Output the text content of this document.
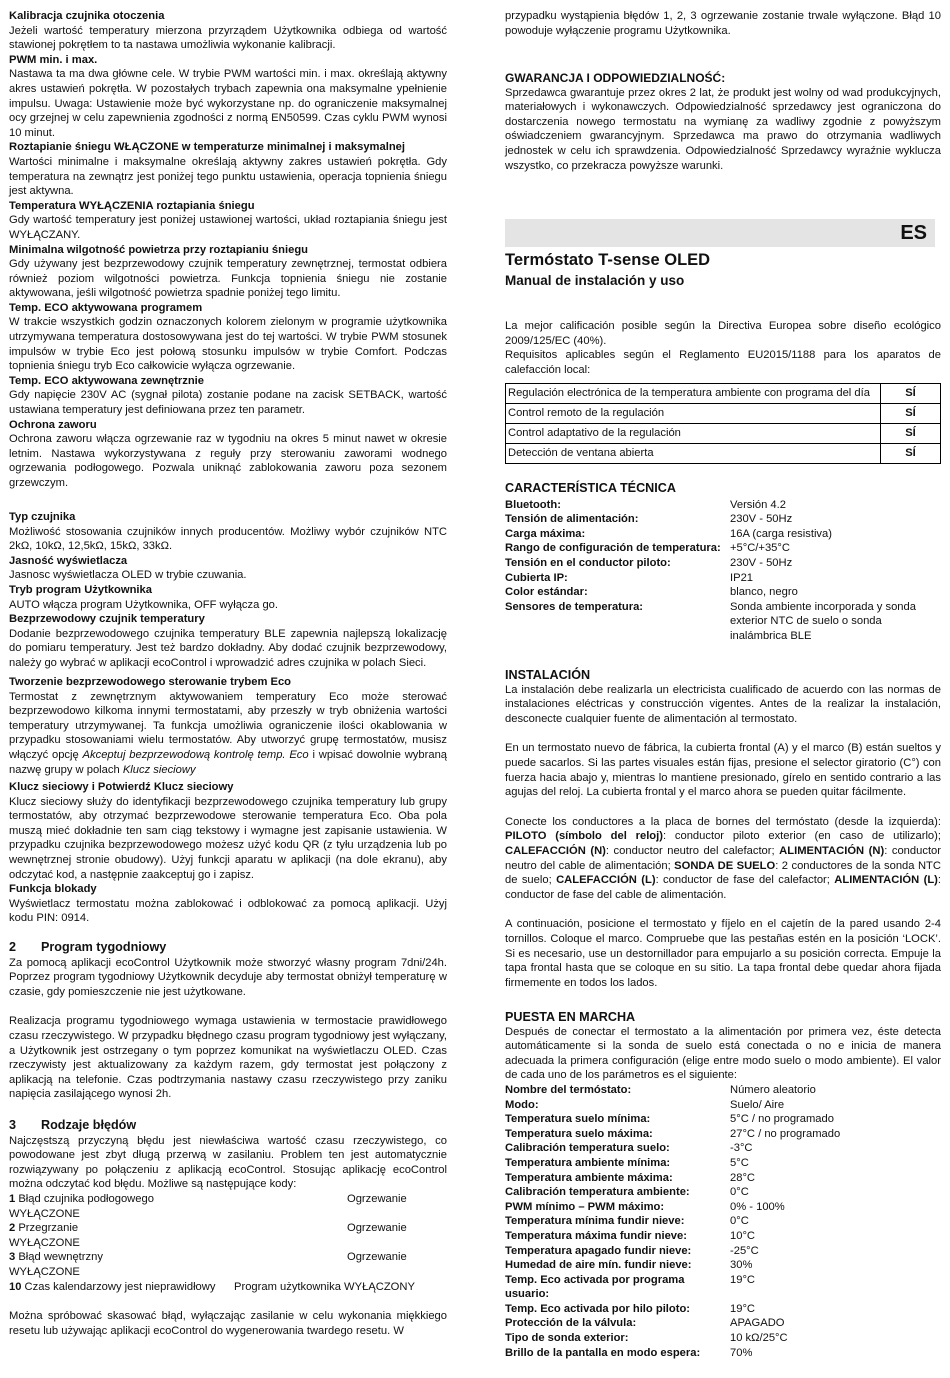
Kalibracja czujnika otoczenia

Jeżeli wartość temperatury mierzona przyrządem Użytkownika odbiega od wartość stawionej pokrętłem to ta nastawa umożliwia wykonanie kalibracji.

PWM min. i max.

Nastawa ta ma dwa główne cele. W trybie PWM wartości min. i max. określają aktywny akres ustawień pokrętła. W pozostałych trybach zapewnia ona maksymalne ypełnienie impulsu. Uwaga: Ustawienie może być wykorzystane np. do ograniczenie maksymalnej ocy grzejnej w celu zapewnienia zgodności z normą EN50599. Czas cyklu PWM wynosi 10 minut.

Roztapianie śniegu WŁĄCZONE w temperaturze minimalnej i maksymalnej

Wartości minimalne i maksymalne określają aktywny zakres ustawień pokrętła. Gdy temperatura na zewnątrz jest poniżej tego punktu ustawienia, operacja topnienia śniegu jest aktywna.

Temperatura WYŁĄCZENIA roztapiania śniegu

Gdy wartość temperatury jest poniżej ustawionej wartości, układ roztapiania śniegu jest WYŁĄCZANY.

Minimalna wilgotność powietrza przy roztapianiu śniegu

Gdy używany jest bezprzewodowy czujnik temperatury zewnętrznej, termostat odbiera również poziom wilgotności powietrza. Funkcja topnienia śniegu nie zostanie aktywowana, jeśli wilgotność powietrza spadnie poniżej tego limitu.

Temp. ECO aktywowana programem

W trakcie wszystkich godzin oznaczonych kolorem zielonym w programie użytkownika utrzymywana temperatura dostosowywana jest do tej wartości. W trybie PWM stosunek impulsów w trybie Eco jest połową stosunku impulsów w trybie Comfort. Podczas topnienia śniegu tryb Eco całkowicie wyłącza ogrzewanie.

Temp. ECO aktywowana zewnętrznie

Gdy napięcie 230V AC (sygnał pilota) zostanie podane na zacisk SETBACK, wartość ustawiana temperatury jest definiowana przez ten parametr.

Ochrona zaworu

Ochrona zaworu włącza ogrzewanie raz w tygodniu na okres 5 minut nawet w okresie letnim. Nastawa wykorzystywana z reguły przy sterowaniu zaworami wodnego ogrzewania podłogowego. Pozwala uniknąć zablokowania zaworu poza sezonem grzewczym.

Typ czujnika

Możliwość stosowania czujników innych producentów. Możliwy wybór czujników NTC 2kΩ, 10kΩ, 12,5kΩ, 15kΩ, 33kΩ.

Jasność wyświetlacza

Jasnosc wyświetlacza OLED w trybie czuwania.

Tryb program Użytkownika

AUTO włącza program Użytkownika, OFF wyłącza go.

Bezprzewodowy czujnik temperatury

Dodanie bezprzewodowego czujnika temperatury BLE zapewnia najlepszą lokalizację do pomiaru temperatury. Jest też bardzo dokładny. Aby dodać czujnik bezprzewodowy, należy go wybrać w aplikacji ecoControl i wprowadzić adres czujnika w polach Sieci.

Tworzenie bezprzewodowego sterowanie trybem Eco

Termostat z zewnętrznym aktywowaniem temperatury Eco może sterować bezprzewodowo kilkoma innymi termostatami, aby przeszły w tryb obniżenia wartości temperatury utrzymywanej. Ta funkcja umożliwia ograniczenie ilości okablowania w przypadku stosowaniami wielu termostatów. Aby utworzyć grupę termostatów, musisz włączyć opcję Akceptuj bezprzewodową kontrolę temp. Eco i wpisać dowolnie wybraną nazwę grupy w polach Klucz sieciowy

Klucz sieciowy i Potwierdź Klucz sieciowy

Klucz sieciowy służy do identyfikacji bezprzewodowego czujnika temperatury lub grupy termostatów, aby otrzymać bezprzewodowe sterowanie temperatura Eco. Oba pola muszą mieć dokładnie ten sam ciąg tekstowy i wymagne jest zapisanie ustawienia. W przypadku czujnika bezprzewodowego możesz użyć kodu QR (z tyłu urządzenia lub po wewnętrznej stronie obudowy). Użyj funkcji aparatu w aplikacji (na dole ekranu), aby odczytać kod, a następnie zaakceptuj go i zapisz.

Funkcja blokady

Wyświetlacz termostatu można zablokować i odblokować za pomocą aplikacji. Użyj kodu PIN: 0914.

2 Program tygodniowy

Za pomocą aplikacji ecoControl Użytkownik może stworzyć własny program 7dni/24h. Poprzez program tygodniowy Użytkownik decyduje aby termostat obniżył temperaturę w czasie, gdy pomieszczenie nie jest użytkowane.

Realizacja programu tygodniowego wymaga ustawienia w termostacie prawidłowego czasu rzeczywistego. W przypadku błędnego czasu program tygodniowy jest wyłączany, a Użytkownik jest ostrzegany o tym poprzez komunikat na wyświetlaczu OLED. Czas rzeczywisty jest aktualizowany za każdym razem, gdy termostat jest połączony z aplikacją na telefonie. Czas podtrzymania nastawy czasu rzeczywistego przy zaniku napięcia zasilającego wynosi 2h.

3 Rodzaje błędów

Najczęstszą przyczyną błędu jest niewłaściwa wartość czasu rzeczywistego, co powodowane jest zbyt długą przerwą w zasilaniu. Problem ten jest automatycznie rozwiązywany po połączeniu z aplikacją ecoControl. Stosując aplikację ecoControl można odczytać kod błędu. Możliwe są następujące kody:

1 Błąd czujnika podłogowego	Ogrzewanie
WYŁĄCZONE
2 Przegrzanie	Ogrzewanie
WYŁĄCZONE
3 Błąd wewnętrzny	Ogrzewanie
WYŁĄCZONE
10 Czas kalendarzowy jest nieprawidłowy	Program użytkownika WYŁĄCZONY

Można spróbować skasować błąd, wyłączając zasilanie w celu wykonania miękkiego resetu lub używając aplikacji ecoControl do wygenerowania twardego resetu. W

przypadku wystąpienia błędów 1, 2, 3 ogrzewanie zostanie trwale wyłączone. Błąd 10 powoduje wyłączenie programu Użytkownika.

GWARANCJA I ODPOWIEDZIALNOŚĆ:

Sprzedawca gwarantuje przez okres 2 lat, że produkt jest wolny od wad produkcyjnych, materiałowych i wykonawczych. Odpowiedzialność sprzedawcy jest ograniczona do dostarczenia nowego termostatu na wymianę za wadliwy zgodnie z powyższym oświadczeniem gwarancyjnym. Sprzedawca ma prawo do otrzymania wadliwych jednostek w celu ich sprawdzenia. Odpowiedzialność Sprzedawcy wyraźnie wyklucza wszystko, co przekracza powyższe warunki.

ES

Termóstato T-sense OLED

Manual de instalación y uso

La mejor calificación posible según la Directiva Europea sobre diseño ecológico 2009/125/EC (40%).

Requisitos aplicables según el Reglamento EU2015/1188 para los aparatos de calefacción local:

Regulación electrónica de la temperatura ambiente con programa del día	SÍ
Control remoto de la regulación	SÍ
Control adaptativo de la regulación	SÍ
Detección de ventana abierta	SÍ

CARACTERÍSTICA TÉCNICA

Bluetooth:	Versión 4.2
Tensión de alimentación:	230V - 50Hz
Carga máxima:	16A (carga resistiva)
Rango de configuración de temperatura: +5°C/+35°C
Tensión en el conductor piloto:	230V - 50Hz
Cubierta IP:	IP21
Color estándar:	blanco, negro
Sensores de temperatura:	Sonda ambiente incorporada y sonda exterior NTC de suelo o sonda inalámbrica BLE

INSTALACIÓN

La instalación debe realizarla un electricista cualificado de acuerdo con las normas de instalaciones eléctricas y construcción vigentes. Antes de la realizar la instalación, desconecte cualquier fuente de alimentación al termostato.

En un termostato nuevo de fábrica, la cubierta frontal (A) y el marco (B) están sueltos y puede sacarlos. Si las partes visuales están fijas, presione el selector giratorio (C°) con fuerza hacia abajo y, mientras lo mantiene presionado, gírelo en sentido contrario a las agujas del reloj. La cubierta frontal y el marco ahora se pueden quitar fácilmente.

Conecte los conductores a la placa de bornes del termóstato (desde la izquierda): PILOTO (símbolo del reloj): conductor piloto exterior (en caso de utilizarlo); CALEFACCIÓN (N): conductor neutro del calefactor; ALIMENTACIÓN (N): conductor neutro del cable de alimentación; SONDA DE SUELO: 2 conductores de la sonda NTC de suelo; CALEFACCIÓN (L): conductor de fase del calefactor; ALIMENTACIÓN (L): conductor de fase del cable de alimentación.

A continuación, posicione el termostato y fíjelo en el cajetín de la pared usando 2-4 tornillos. Coloque el marco. Compruebe que las pestañas estén en la posición ‘LOCK’. Si es necesario, use un destornillador para empujarlo a su posición correcta. Empuje la tapa frontal hasta que se coloque en su sitio. La tapa frontal debe quedar ahora fijada firmemente en todos los lados.

PUESTA EN MARCHA

Después de conectar el termostato a la alimentación por primera vez, éste detecta automáticamente si la sonda de suelo está conectada o no e inicia de manera adecuada la primera configuración (elige entre modo suelo o modo ambiente). El valor de cada uno de los parámetros es el siguiente:

Nombre del termóstato:	Número aleatorio
Modo:	Suelo/ Aire
Temperatura suelo mínima:	5°C / no programado
Temperatura suelo máxima:	27°C / no programado
Calibración temperatura suelo:	-3°C
Temperatura ambiente mínima:	5°C
Temperatura ambiente máxima:	28°C
Calibración temperatura ambiente:	0°C
PWM mínimo – PWM máximo:	0% - 100%
Temperatura mínima fundir nieve:	0°C
Temperatura máxima fundir nieve:	10°C
Temperatura apagado fundir nieve:	-25°C
Humedad de aire mín. fundir nieve:	30%
Temp. Eco activada por programa usuario:
19°C
Temp. Eco activada por hilo piloto:	19°C
Protección de la válvula:	APAGADO
Tipo de sonda exterior:	10 kΩ/25°C
Brillo de la pantalla en modo espera:	70%
